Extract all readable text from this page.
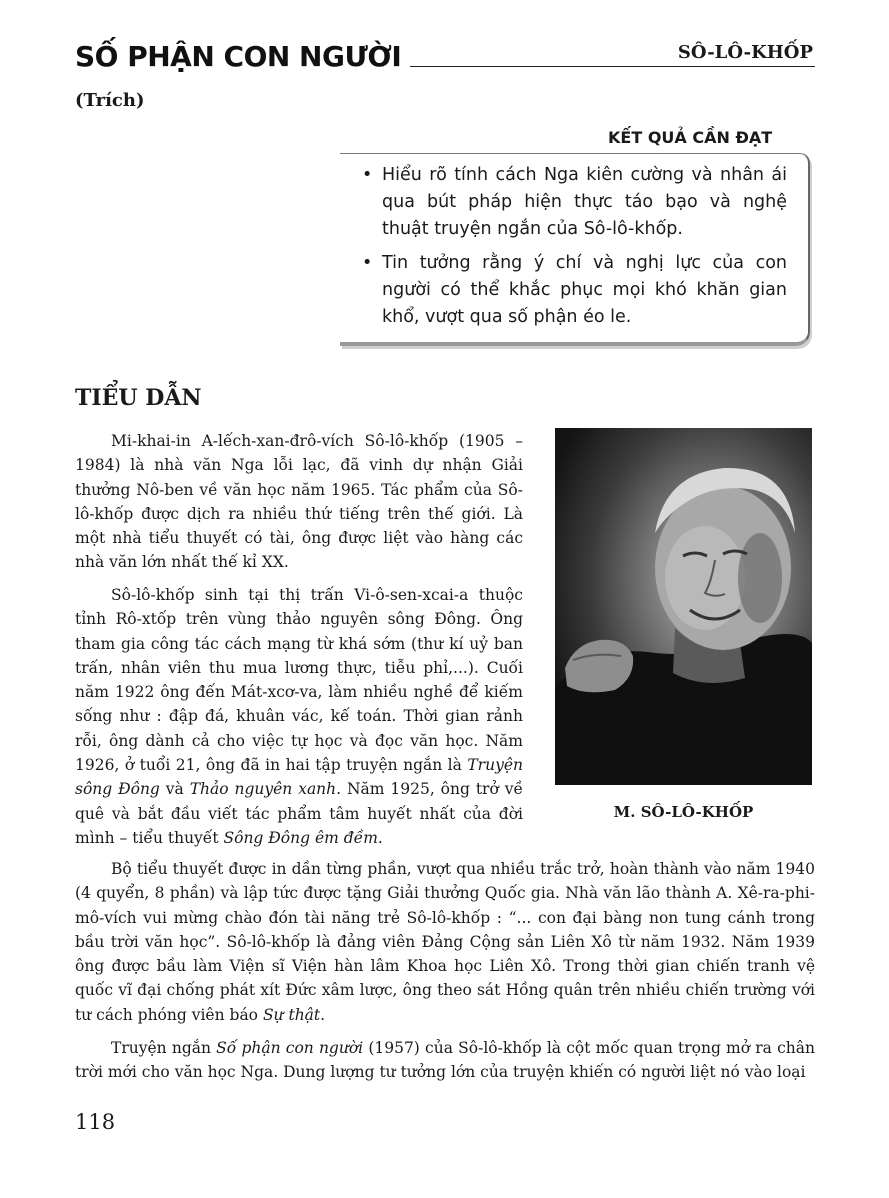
SỐ PHẬN CON NGƯỜI	SÔ-LÔ-KHỐP
(Trích)
KẾT QUẢ CẦN ĐẠT
• Hiểu rõ tính cách Nga kiên cường và nhân ái qua bút pháp hiện thực táo bạo và nghệ thuật truyện ngắn của Sô-lô-khốp.
• Tin tưởng rằng ý chí và nghị lực của con người có thể khắc phục mọi khó khăn gian khổ, vượt qua số phận éo le.
TIỂU DẪN
M. SÔ-LÔ-KHỐP

Mi-khai-in A-lếch-xan-đrô-vích Sô-lô-khốp (1905 – 1984) là nhà văn Nga lỗi lạc, đã vinh dự nhận Giải thưởng Nô-ben về văn học năm 1965. Tác phẩm của Sô-lô-khốp được dịch ra nhiều thứ tiếng trên thế giới. Là một nhà tiểu thuyết có tài, ông được liệt vào hàng các nhà văn lớn nhất thế kỉ XX.

Sô-lô-khốp sinh tại thị trấn Vi-ô-sen-xcai-a thuộc tỉnh Rô-xtốp trên vùng thảo nguyên sông Đông. Ông tham gia công tác cách mạng từ khá sớm (thư kí uỷ ban trấn, nhân viên thu mua lương thực, tiễu phỉ,...). Cuối năm 1922 ông đến Mát-xcơ-va, làm nhiều nghề để kiếm sống như : đập đá, khuân vác, kế toán. Thời gian rảnh rỗi, ông dành cả cho việc tự học và đọc văn học. Năm 1926, ở tuổi 21, ông đã in hai tập truyện ngắn là Truyện sông Đông và Thảo nguyên xanh. Năm 1925, ông trở về quê và bắt đầu viết tác phẩm tâm huyết nhất của đời mình – tiểu thuyết Sông Đông êm đềm.

Bộ tiểu thuyết được in dần từng phần, vượt qua nhiều trắc trở, hoàn thành vào năm 1940 (4 quyển, 8 phần) và lập tức được tặng Giải thưởng Quốc gia. Nhà văn lão thành A. Xê-ra-phi-mô-vích vui mừng chào đón tài năng trẻ Sô-lô-khốp : “... con đại bàng non tung cánh trong bầu trời văn học”. Sô-lô-khốp là đảng viên Đảng Cộng sản Liên Xô từ năm 1932. Năm 1939 ông được bầu làm Viện sĩ Viện hàn lâm Khoa học Liên Xô. Trong thời gian chiến tranh vệ quốc vĩ đại chống phát xít Đức xâm lược, ông theo sát Hồng quân trên nhiều chiến trường với tư cách phóng viên báo Sự thật.

Truyện ngắn Số phận con người (1957) của Sô-lô-khốp là cột mốc quan trọng mở ra chân trời mới cho văn học Nga. Dung lượng tư tưởng lớn của truyện khiến có người liệt nó vào loại

118
